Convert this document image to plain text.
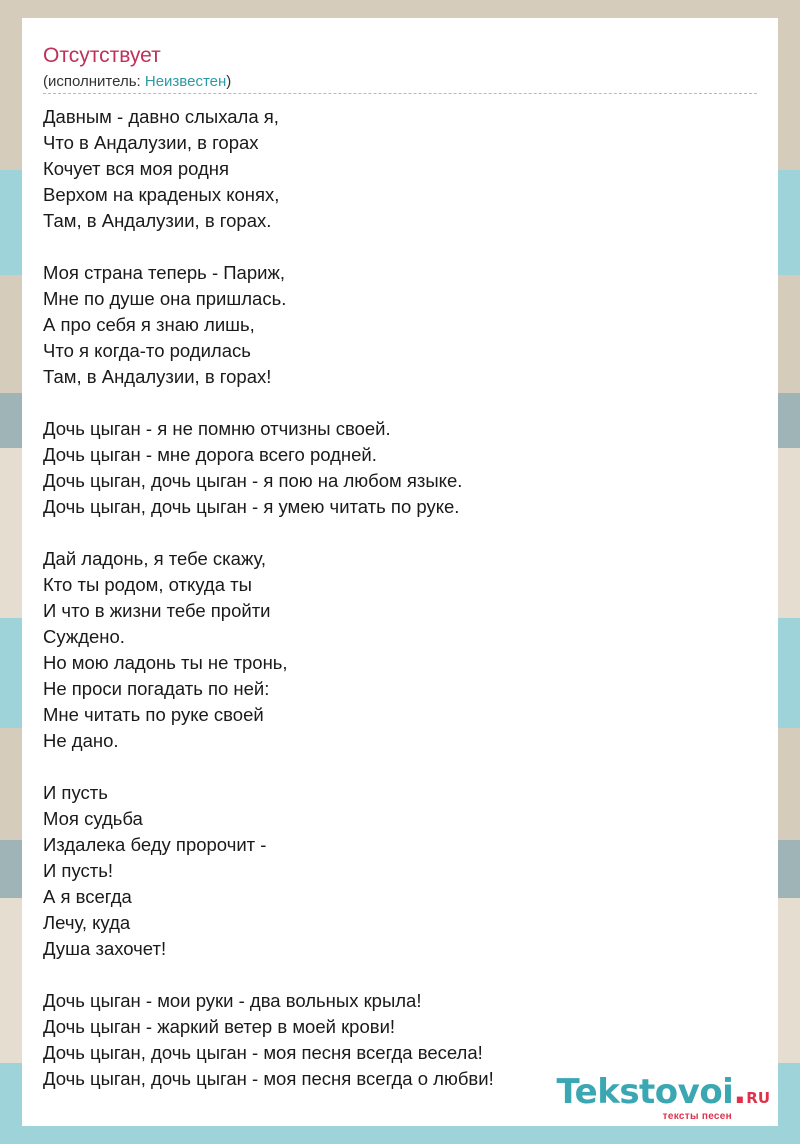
Отсутствует
(исполнитель: Неизвестен)
Давным - давно слыхала я,
Что в Андалузии, в горах
Кочует вся моя родня
Верхом на краденых конях,
Там, в Андалузии, в горах.
Моя страна теперь - Париж,
Мне по душе она пришлась.
А про себя я знаю лишь,
Что я когда-то родилась
Там, в Андалузии, в горах!
Дочь цыган - я не помню отчизны своей.
Дочь цыган - мне дорога всего родней.
Дочь цыган, дочь цыган - я пою на любом языке.
Дочь цыган, дочь цыган - я умею читать по руке.
Дай ладонь, я тебе скажу,
Кто ты родом, откуда ты
И что в жизни тебе пройти
Суждено.
Но мою ладонь ты не тронь,
Не проси погадать по ней:
Мне читать по руке своей
Не дано.
И пусть
Моя судьба
Издалека беду пророчит -
И пусть!
А я всегда
Лечу, куда
Душа захочет!
Дочь цыган - мои руки - два вольных крыла!
Дочь цыган - жаркий ветер в моей крови!
Дочь цыган, дочь цыган - моя песня всегда весела!
Дочь цыган, дочь цыган - моя песня всегда о любви!	Tekstovoi.RU
тексты песен
